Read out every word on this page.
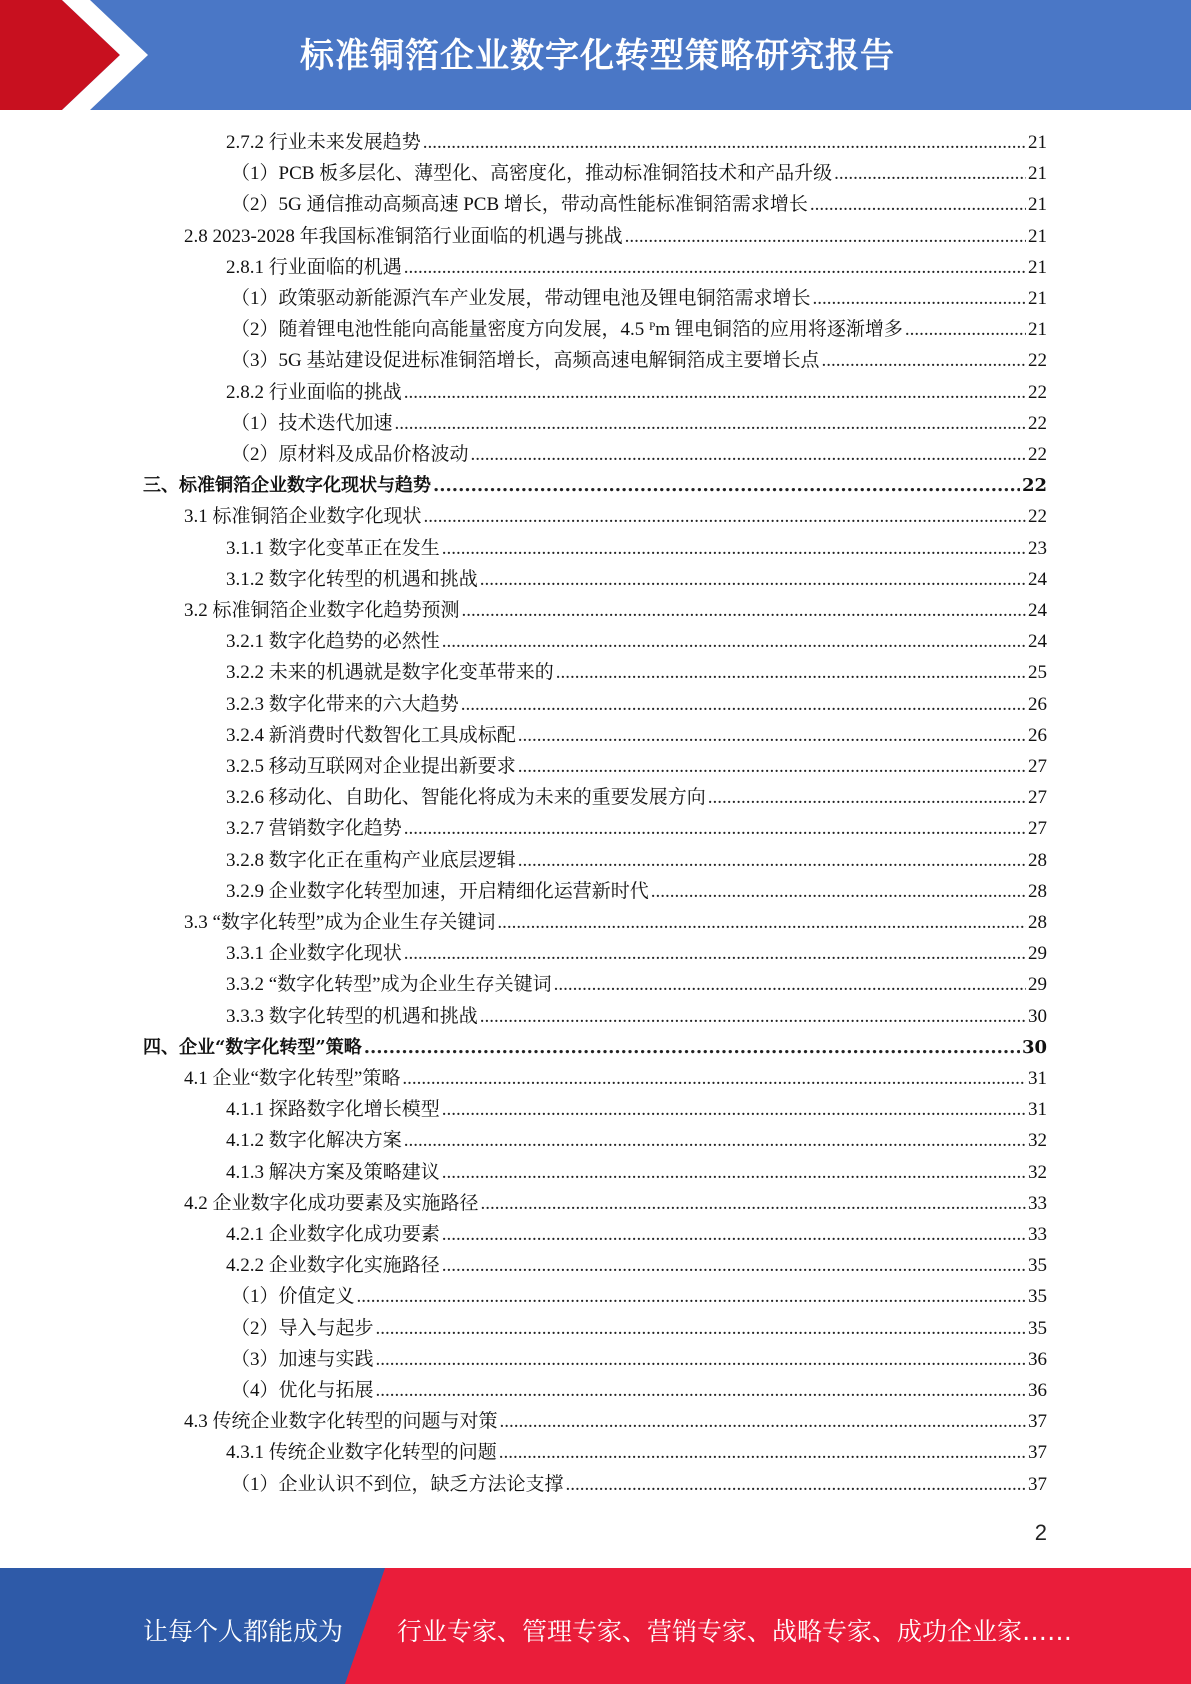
标准铜箔企业数字化转型策略研究报告
2.7.2 行业未来发展趋势 .....	21
（1）PCB 板多层化、薄型化、高密度化，推动标准铜箔技术和产品升级 .....	21
（2）5G 通信推动高频高速 PCB 增长，带动高性能标准铜箔需求增长 .....	21
2.8 2023-2028 年我国标准铜箔行业面临的机遇与挑战 .....	21
2.8.1 行业面临的机遇 .....	21
（1）政策驱动新能源汽车产业发展，带动锂电池及锂电铜箔需求增长 .....	21
（2）随着锂电池性能向高能量密度方向发展，4.5 ᴾm 锂电铜箔的应用将逐渐增多 .....	21
（3）5G 基站建设促进标准铜箔增长，高频高速电解铜箔成主要增长点 .....	22
2.8.2 行业面临的挑战 .....	22
（1）技术迭代加速 .....	22
（2）原材料及成品价格波动 .....	22
三、标准铜箔企业数字化现状与趋势 .....	22
3.1 标准铜箔企业数字化现状 .....	22
3.1.1 数字化变革正在发生 .....	23
3.1.2 数字化转型的机遇和挑战 .....	24
3.2 标准铜箔企业数字化趋势预测 .....	24
3.2.1 数字化趋势的必然性 .....	24
3.2.2 未来的机遇就是数字化变革带来的 .....	25
3.2.3 数字化带来的六大趋势 .....	26
3.2.4 新消费时代数智化工具成标配 .....	26
3.2.5 移动互联网对企业提出新要求 .....	27
3.2.6 移动化、自助化、智能化将成为未来的重要发展方向 .....	27
3.2.7 营销数字化趋势 .....	27
3.2.8 数字化正在重构产业底层逻辑 .....	28
3.2.9 企业数字化转型加速，开启精细化运营新时代 .....	28
3.3 “数字化转型”成为企业生存关键词 .....	28
3.3.1 企业数字化现状 .....	29
3.3.2 “数字化转型”成为企业生存关键词 .....	29
3.3.3 数字化转型的机遇和挑战 .....	30
四、企业“数字化转型”策略 .....	30
4.1 企业“数字化转型”策略 .....	31
4.1.1 探路数字化增长模型 .....	31
4.1.2 数字化解决方案 .....	32
4.1.3 解决方案及策略建议 .....	32
4.2 企业数字化成功要素及实施路径 .....	33
4.2.1 企业数字化成功要素 .....	33
4.2.2 企业数字化实施路径 .....	35
（1）价值定义 .....	35
（2）导入与起步 .....	35
（3）加速与实践 .....	36
（4）优化与拓展 .....	36
4.3 传统企业数字化转型的问题与对策 .....	37
4.3.1 传统企业数字化转型的问题 .....	37
（1）企业认识不到位，缺乏方法论支撑 .....	37
2
让每个人都能成为 行业专家、管理专家、营销专家、战略专家、成功企业家……
